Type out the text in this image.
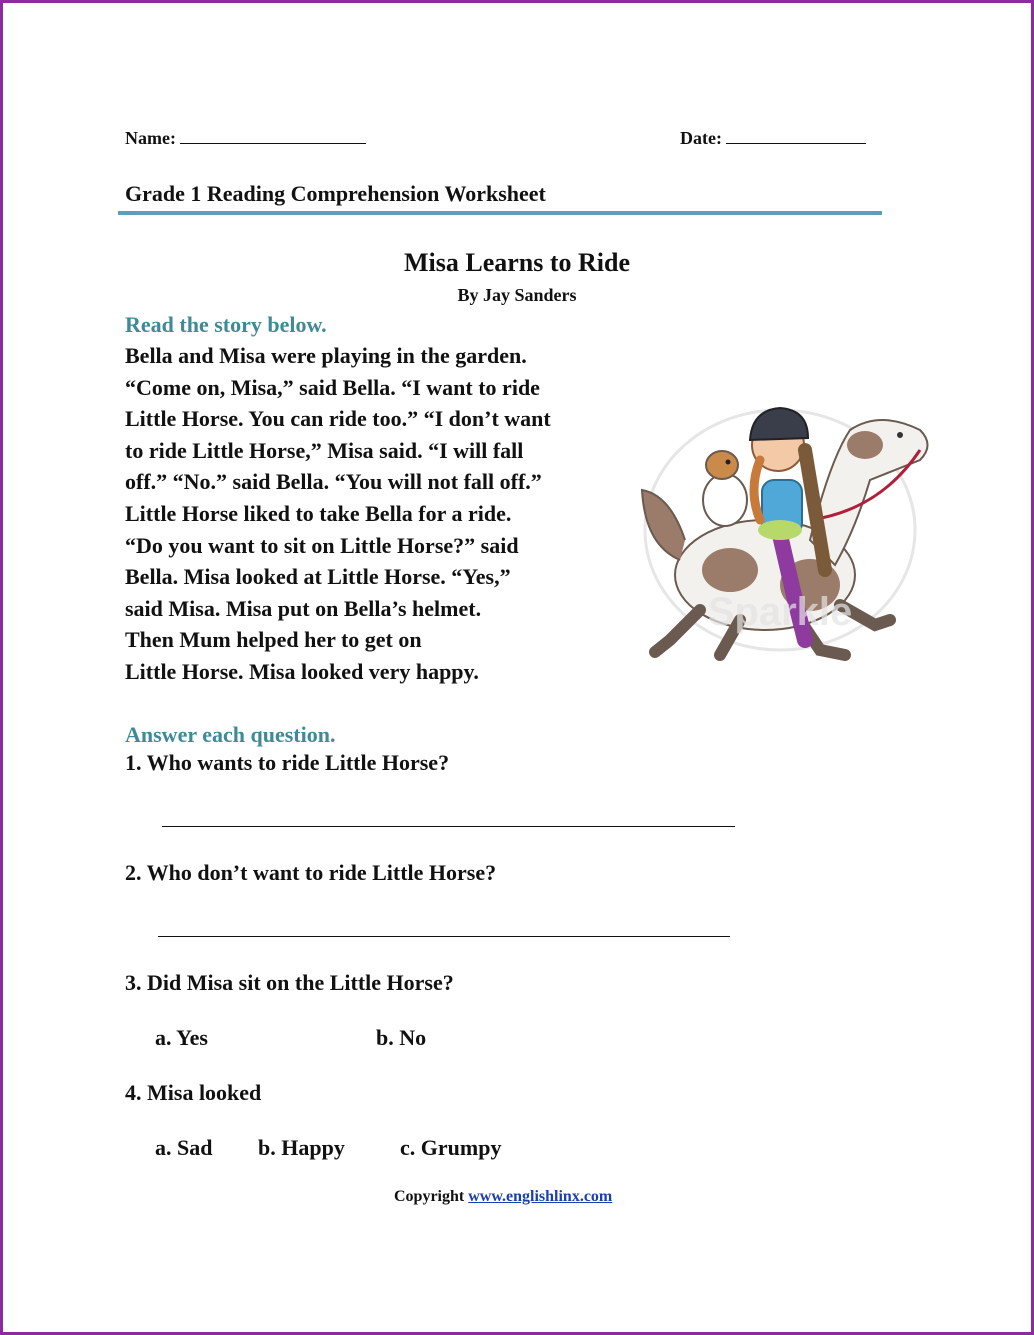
Name:	Date:
Grade 1 Reading Comprehension Worksheet
Misa Learns to Ride
By Jay Sanders
Read the story below.
Bella and Misa were playing in the garden.
“Come on, Misa,” said Bella. “I want to ride
Little Horse. You can ride too.” “I don’t want
to ride Little Horse,” Misa said. “I will fall
off.” “No.” said Bella. “You will not fall off.”
Little Horse liked to take Bella for a ride.
“Do you want to sit on Little Horse?” said
Bella. Misa looked at Little Horse. “Yes,”
said Misa. Misa put on Bella’s helmet.
Then Mum helped her to get on
Little Horse. Misa looked very happy.
Sparkle
Answer each question.
1. Who wants to ride Little Horse?
2. Who don’t want to ride Little Horse?
3. Did Misa sit on the Little Horse?
a. Yes	b. No
4. Misa looked
a. Sad b. Happy	c. Grumpy
Copyright www.englishlinx.com
